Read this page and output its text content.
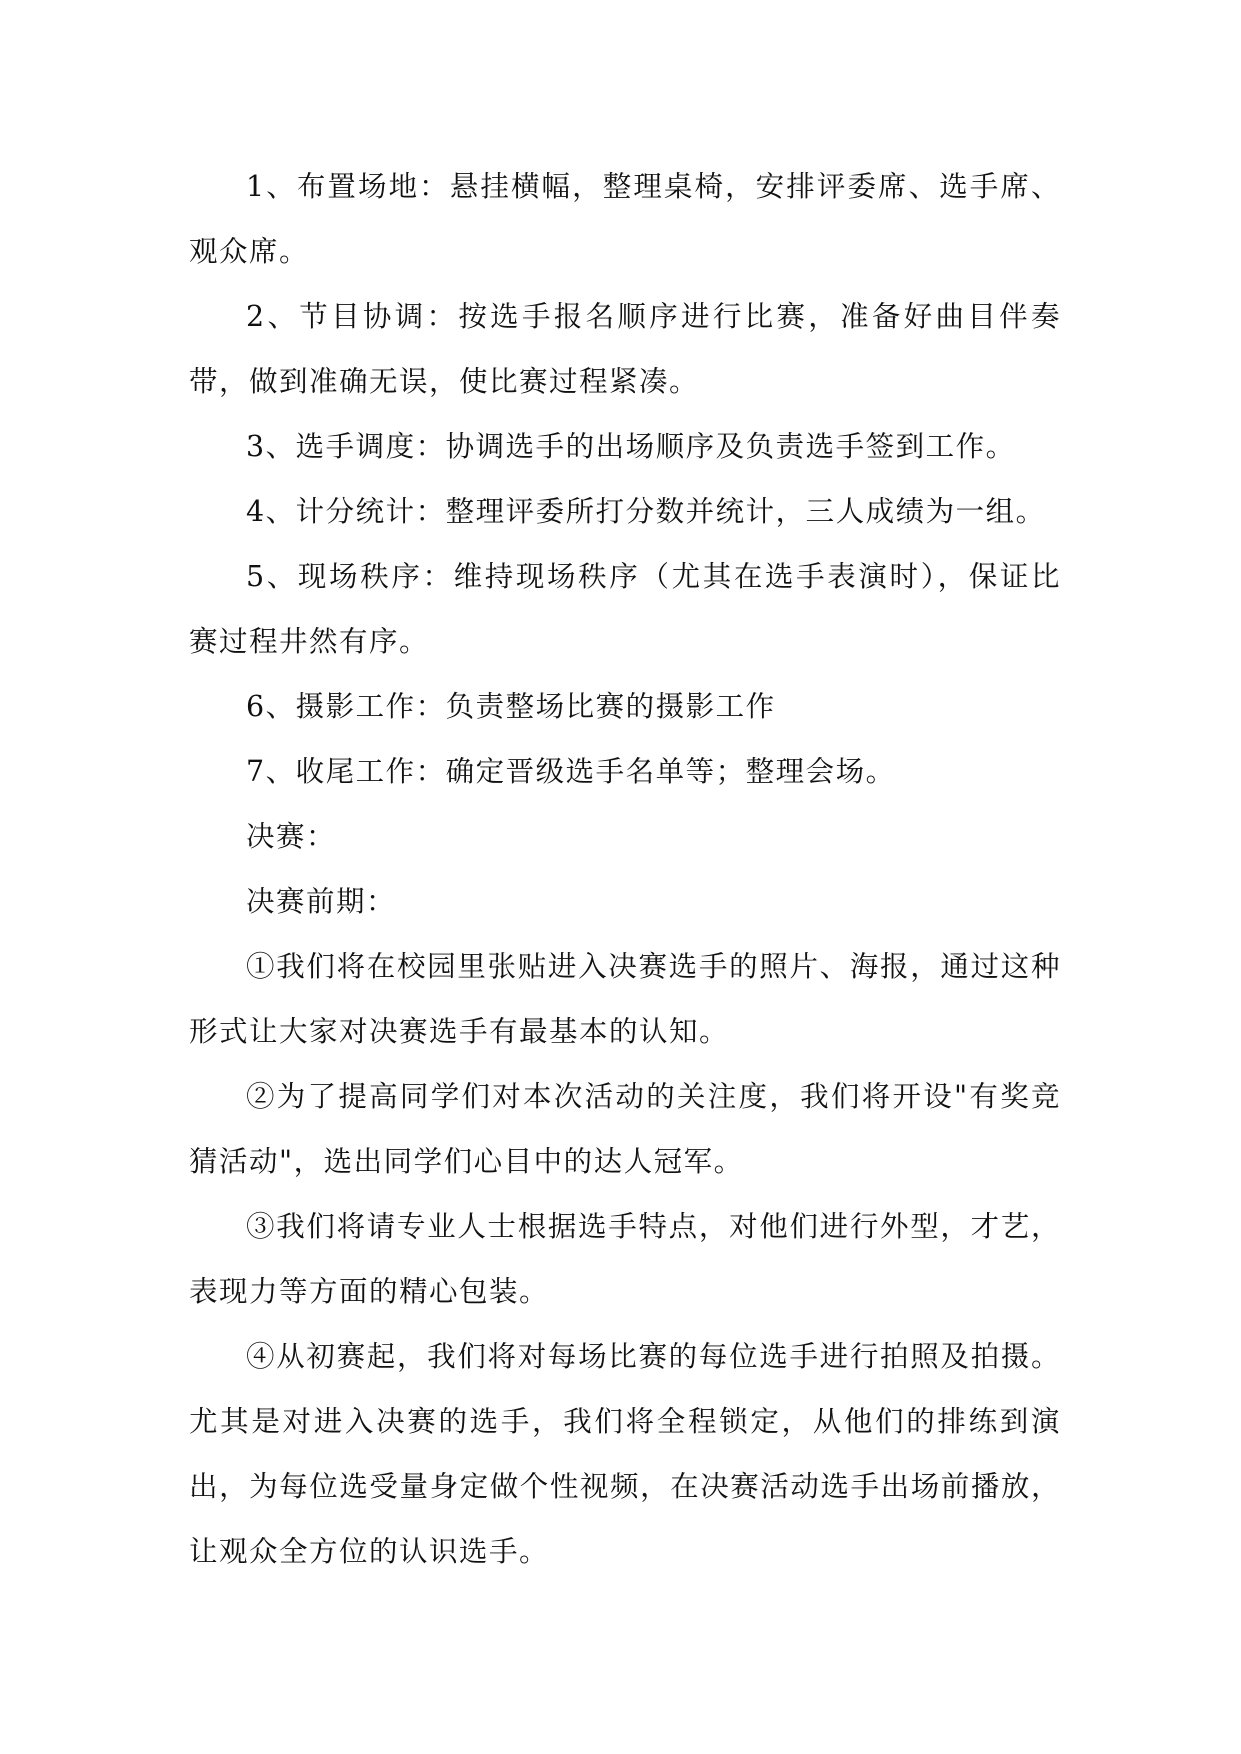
1、布置场地：悬挂横幅，整理桌椅，安排评委席、选手席、观众席。

2、节目协调：按选手报名顺序进行比赛，准备好曲目伴奏带，做到准确无误，使比赛过程紧凑。

3、选手调度：协调选手的出场顺序及负责选手签到工作。

4、计分统计：整理评委所打分数并统计，三人成绩为一组。

5、现场秩序：维持现场秩序（尤其在选手表演时），保证比赛过程井然有序。

6、摄影工作：负责整场比赛的摄影工作

7、收尾工作：确定晋级选手名单等；整理会场。

决赛：

决赛前期：

①我们将在校园里张贴进入决赛选手的照片、海报，通过这种形式让大家对决赛选手有最基本的认知。

②为了提高同学们对本次活动的关注度，我们将开设"有奖竞猜活动"，选出同学们心目中的达人冠军。

③我们将请专业人士根据选手特点，对他们进行外型，才艺，表现力等方面的精心包装。

④从初赛起，我们将对每场比赛的每位选手进行拍照及拍摄。尤其是对进入决赛的选手，我们将全程锁定，从他们的排练到演出，为每位选受量身定做个性视频，在决赛活动选手出场前播放，让观众全方位的认识选手。
